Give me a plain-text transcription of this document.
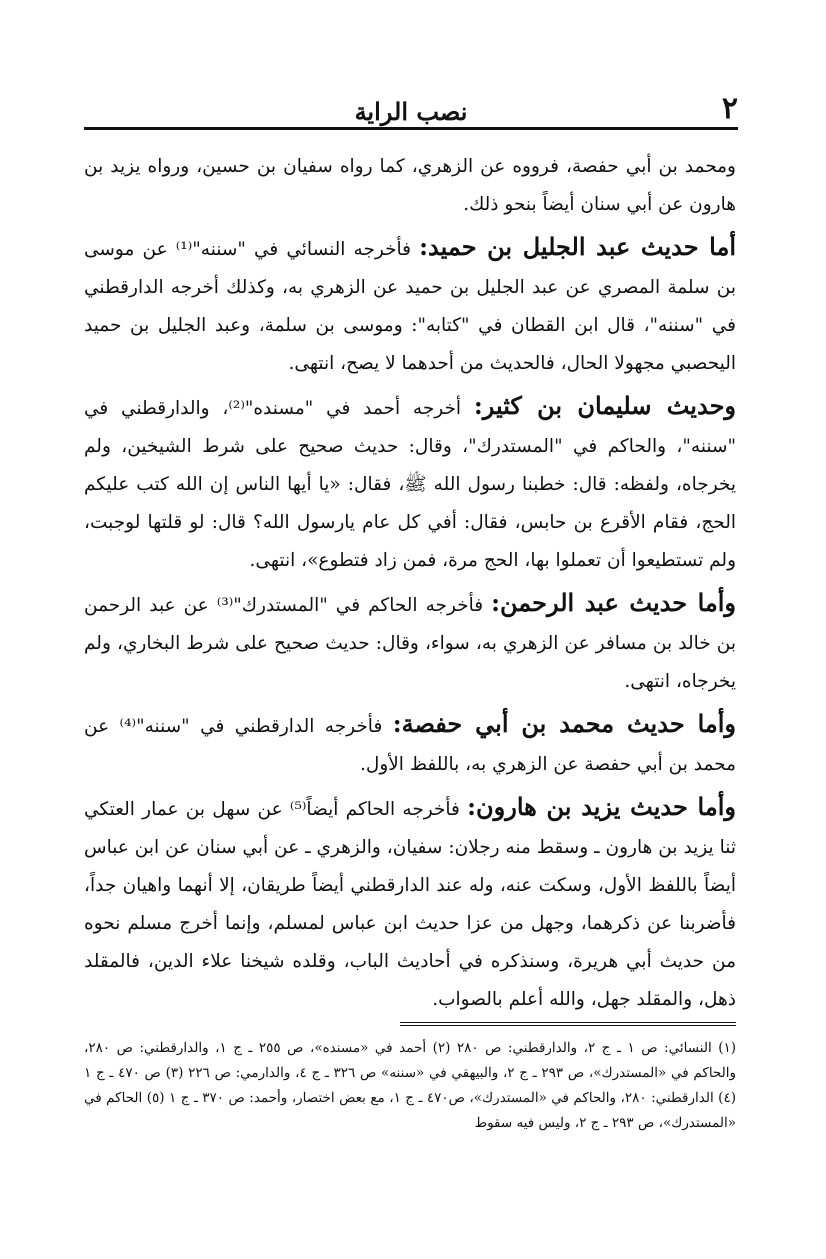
٢
نصب الراية

ومحمد بن أبي حفصة، فرووه عن الزهري، كما رواه سفيان بن حسين، ورواه يزيد بن هارون عن أبي سنان أيضاً بنحو ذلك.

أما حديث عبد الجليل بن حميد: فأخرجه النسائي في "سننه"⁽¹⁾ عن موسى بن سلمة المصري عن عبد الجليل بن حميد عن الزهري به، وكذلك أخرجه الدارقطني في "سننه"، قال ابن القطان في "كتابه": وموسى بن سلمة، وعبد الجليل بن حميد اليحصبي مجهولا الحال، فالحديث من أحدهما لا يصح، انتهى.

وحديث سليمان بن كثير: أخرجه أحمد في "مسنده"⁽²⁾، والدارقطني في "سننه"، والحاكم في "المستدرك"، وقال: حديث صحيح على شرط الشيخين، ولم يخرجاه، ولفظه: قال: خطبنا رسول الله ﷺ، فقال: «يا أيها الناس إن الله كتب عليكم الحج، فقام الأقرع بن حابس، فقال: أفي كل عام يارسول الله؟ قال: لو قلتها لوجبت، ولم تستطيعوا أن تعملوا بها، الحج مرة، فمن زاد فتطوع»، انتهى.

وأما حديث عبد الرحمن: فأخرجه الحاكم في "المستدرك"⁽³⁾ عن عبد الرحمن بن خالد بن مسافر عن الزهري به، سواء، وقال: حديث صحيح على شرط البخاري، ولم يخرجاه، انتهى.

وأما حديث محمد بن أبي حفصة: فأخرجه الدارقطني في "سننه"⁽⁴⁾ عن محمد بن أبي حفصة عن الزهري به، باللفظ الأول.

وأما حديث يزيد بن هارون: فأخرجه الحاكم أيضاً⁽⁵⁾ عن سهل بن عمار العتكي ثنا يزيد بن هارون ـ وسقط منه رجلان: سفيان، والزهري ـ عن أبي سنان عن ابن عباس أيضاً باللفظ الأول، وسكت عنه، وله عند الدارقطني أيضاً طريقان، إلا أنهما واهيان جداً، فأضربنا عن ذكرهما، وجهل من عزا حديث ابن عباس لمسلم، وإنما أخرج مسلم نحوه من حديث أبي هريرة، وسنذكره في أحاديث الباب، وقلده شيخنا علاء الدين، فالمقلد ذهل، والمقلد جهل، والله أعلم بالصواب.

(١) النسائي: ص ١ ـ ج ٢، والدارقطني: ص ٢٨٠ (٢) أحمد في «مسنده»، ص ٢٥٥ ـ ج ١، والدارقطني: ص ٢٨٠، والحاكم في «المستدرك»، ص ٢٩٣ ـ ج ٢، والبيهقي في «سننه» ص ٣٢٦ ـ ج ٤، والدارمي: ص ٢٢٦ (٣) ص ٤٧٠ ـ ج ١ (٤) الدارقطني: ٢٨٠، والحاكم في «المستدرك»، ص٤٧٠ ـ ج ١، مع بعض اختصار، وأحمد: ص ٣٧٠ ـ ج ١ (٥) الحاكم في «المستدرك»، ص ٢٩٣ ـ ج ٢، وليس فيه سقوط
